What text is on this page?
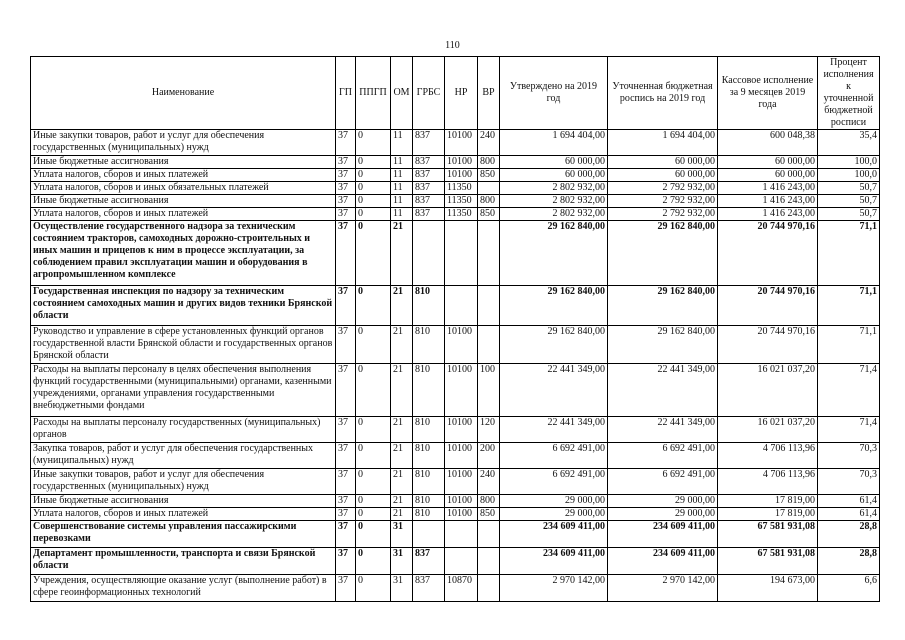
110
Наименование	ГП	ППГП	ОМ	ГРБС	НР	ВР	Утверждено на 2019 год	Уточненная бюджетная роспись на 2019 год	Кассовое исполнение за 9 месяцев 2019 года	Процент исполнения к уточненной бюджетной росписи
Иные закупки товаров, работ и услуг для обеспечения государственных (муниципальных) нужд	37	0	11	837	10100	240	1 694 404,00	1 694 404,00	600 048,38	35,4
Иные бюджетные ассигнования	37	0	11	837	10100	800	60 000,00	60 000,00	60 000,00	100,0
Уплата налогов, сборов и иных платежей	37	0	11	837	10100	850	60 000,00	60 000,00	60 000,00	100,0
Уплата налогов, сборов и иных обязательных платежей	37	0	11	837	11350		2 802 932,00	2 792 932,00	1 416 243,00	50,7
Иные бюджетные ассигнования	37	0	11	837	11350	800	2 802 932,00	2 792 932,00	1 416 243,00	50,7
Уплата налогов, сборов и иных платежей	37	0	11	837	11350	850	2 802 932,00	2 792 932,00	1 416 243,00	50,7
Осуществление государственного надзора за техническим состоянием тракторов, самоходных дорожно-строительных и иных машин и прицепов к ним в процессе эксплуатации, за соблюдением правил эксплуатации машин и оборудования в агропромышленном комплексе	37	0	21				29 162 840,00	29 162 840,00	20 744 970,16	71,1
Государственная инспекция по надзору за техническим состоянием самоходных машин и других видов техники Брянской области	37	0	21	810			29 162 840,00	29 162 840,00	20 744 970,16	71,1
Руководство и управление в сфере установленных функций органов государственной власти Брянской области и государственных органов Брянской области	37	0	21	810	10100		29 162 840,00	29 162 840,00	20 744 970,16	71,1
Расходы на выплаты персоналу в целях обеспечения выполнения функций государственными (муниципальными) органами, казенными учреждениями, органами управления государственными внебюджетными фондами	37	0	21	810	10100	100	22 441 349,00	22 441 349,00	16 021 037,20	71,4
Расходы на выплаты персоналу государственных (муниципальных) органов	37	0	21	810	10100	120	22 441 349,00	22 441 349,00	16 021 037,20	71,4
Закупка товаров, работ и услуг для обеспечения государственных (муниципальных) нужд	37	0	21	810	10100	200	6 692 491,00	6 692 491,00	4 706 113,96	70,3
Иные закупки товаров, работ и услуг для обеспечения государственных (муниципальных) нужд	37	0	21	810	10100	240	6 692 491,00	6 692 491,00	4 706 113,96	70,3
Иные бюджетные ассигнования	37	0	21	810	10100	800	29 000,00	29 000,00	17 819,00	61,4
Уплата налогов, сборов и иных платежей	37	0	21	810	10100	850	29 000,00	29 000,00	17 819,00	61,4
Совершенствование системы управления пассажирскими перевозками	37	0	31				234 609 411,00	234 609 411,00	67 581 931,08	28,8
Департамент промышленности, транспорта и связи Брянской области	37	0	31	837			234 609 411,00	234 609 411,00	67 581 931,08	28,8
Учреждения, осуществляющие оказание услуг (выполнение работ) в сфере геоинформационных технологий	37	0	31	837	10870		2 970 142,00	2 970 142,00	194 673,00	6,6
